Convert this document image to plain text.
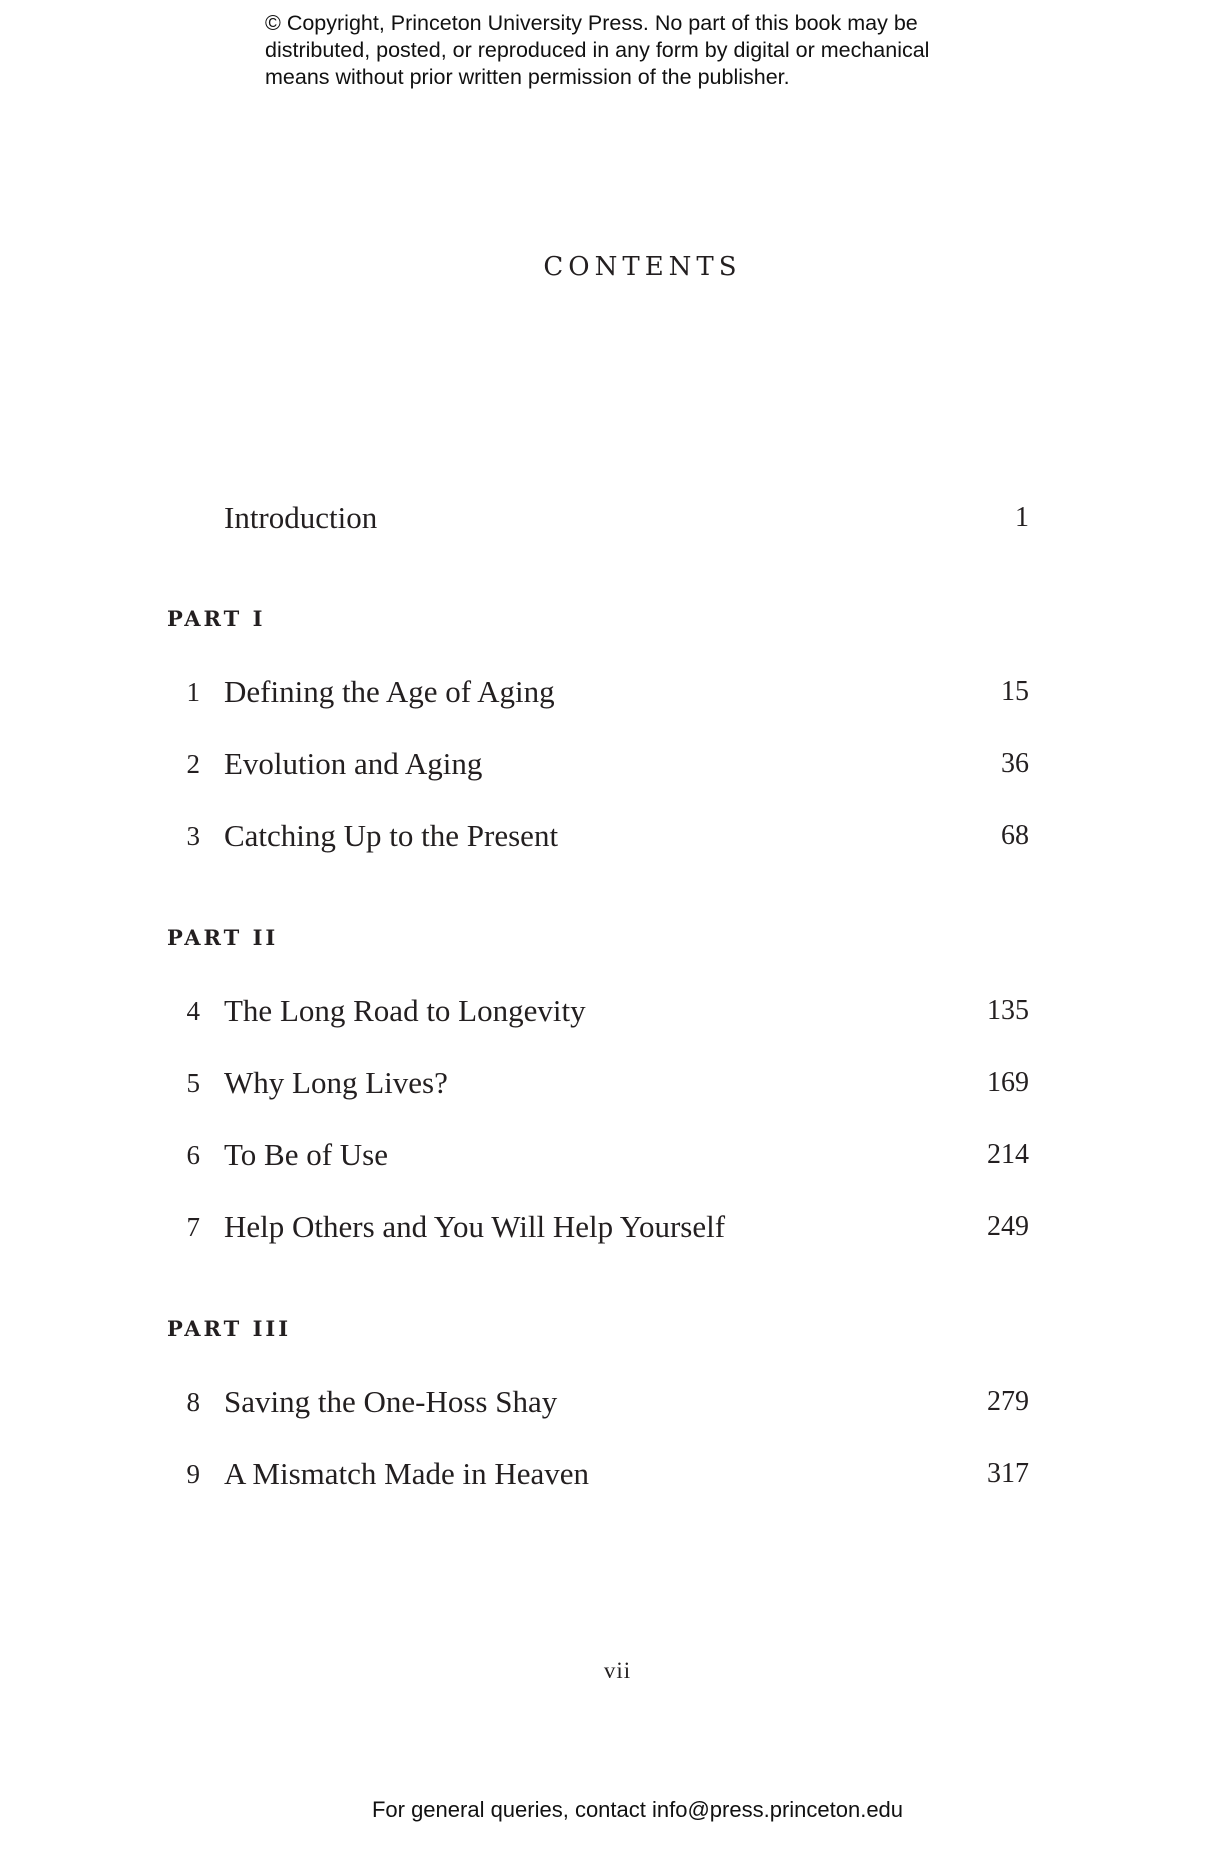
© Copyright, Princeton University Press. No part of this book may be
distributed, posted, or reproduced in any form by digital or mechanical
means without prior written permission of the publisher.
CONTENTS
Introduction	1
PART I
1 Defining the Age of Aging	15
2 Evolution and Aging	36
3 Catching Up to the Present	68
PART II
4 The Long Road to Longevity	135
5 Why Long Lives?	169
6 To Be of Use	214
7 Help Others and You Will Help Yourself	249
PART III
8 Saving the One-Hoss Shay	279
9 A Mismatch Made in Heaven	317
vii
For general queries, contact info@press.princeton.edu
